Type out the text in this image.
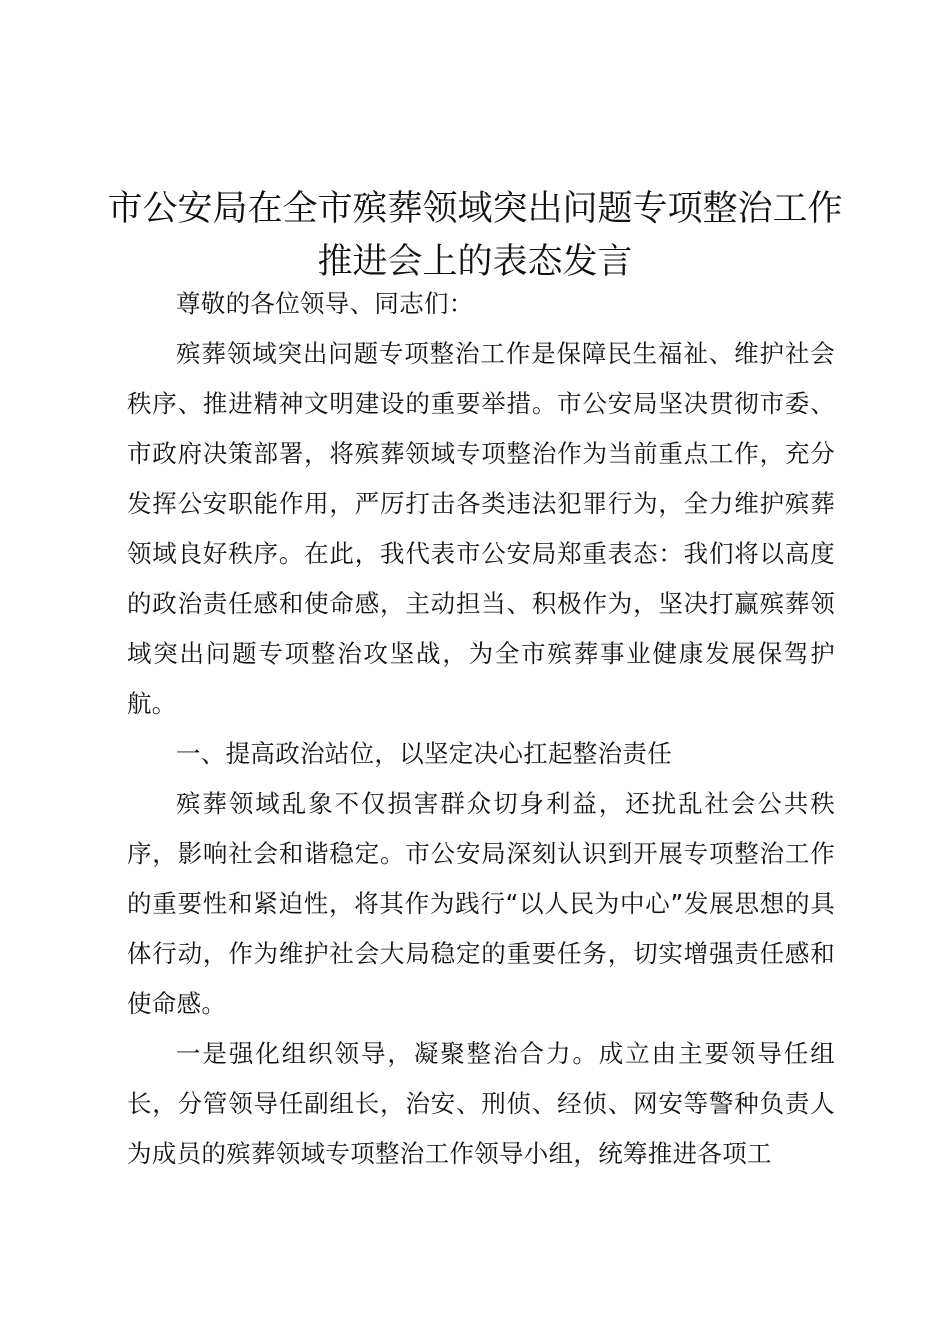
市公安局在全市殡葬领域突出问题专项整治工作推进会上的表态发言

尊敬的各位领导、同志们：

殡葬领域突出问题专项整治工作是保障民生福祉、维护社会秩序、推进精神文明建设的重要举措。市公安局坚决贯彻市委、市政府决策部署，将殡葬领域专项整治作为当前重点工作，充分发挥公安职能作用，严厉打击各类违法犯罪行为，全力维护殡葬领域良好秩序。在此，我代表市公安局郑重表态：我们将以高度的政治责任感和使命感，主动担当、积极作为，坚决打赢殡葬领域突出问题专项整治攻坚战，为全市殡葬事业健康发展保驾护航。

一、提高政治站位，以坚定决心扛起整治责任

殡葬领域乱象不仅损害群众切身利益，还扰乱社会公共秩序，影响社会和谐稳定。市公安局深刻认识到开展专项整治工作的重要性和紧迫性，将其作为践行“以人民为中心”发展思想的具体行动，作为维护社会大局稳定的重要任务，切实增强责任感和使命感。

一是强化组织领导，凝聚整治合力。成立由主要领导任组长，分管领导任副组长，治安、刑侦、经侦、网安等警种负责人为成员的殡葬领域专项整治工作领导小组，统筹推进各项工
